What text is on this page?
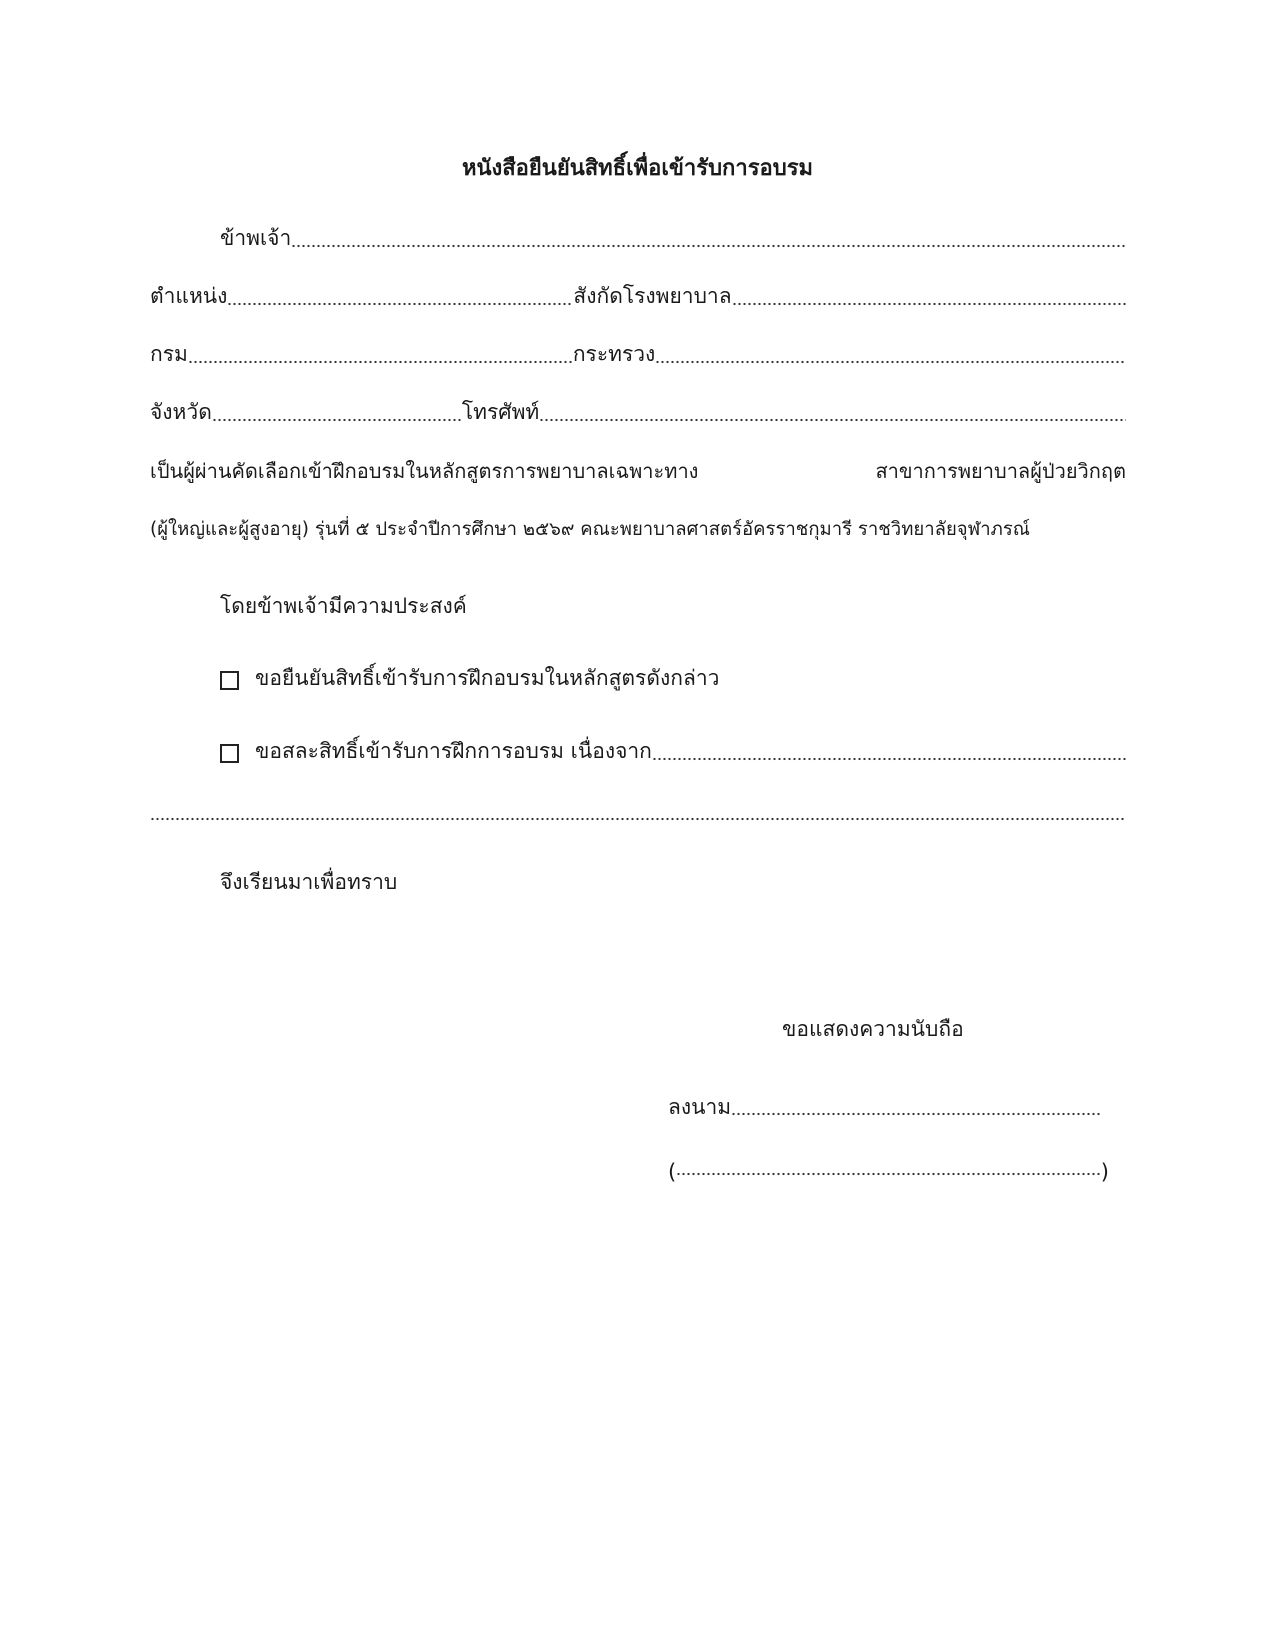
หนังสือยืนยันสิทธิ์เพื่อเข้ารับการอบรม
ข้าพเจ้า
ตำแหน่ง	สังกัดโรงพยาบาล
กรม	กระทรวง
จังหวัด	โทรศัพท์
เป็นผู้ผ่านคัดเลือกเข้าฝึกอบรมในหลักสูตรการพยาบาลเฉพาะทาง สาขาการพยาบาลผู้ป่วยวิกฤต
(ผู้ใหญ่และผู้สูงอายุ) รุ่นที่ ๕ ประจำปีการศึกษา ๒๕๖๙ คณะพยาบาลศาสตร์อัครราชกุมารี ราชวิทยาลัยจุฬาภรณ์
โดยข้าพเจ้ามีความประสงค์
ขอยืนยันสิทธิ์เข้ารับการฝึกอบรมในหลักสูตรดังกล่าว
ขอสละสิทธิ์เข้ารับการฝึกการอบรม เนื่องจาก
จึงเรียนมาเพื่อทราบ
ขอแสดงความนับถือ
ลงนาม
(	)
